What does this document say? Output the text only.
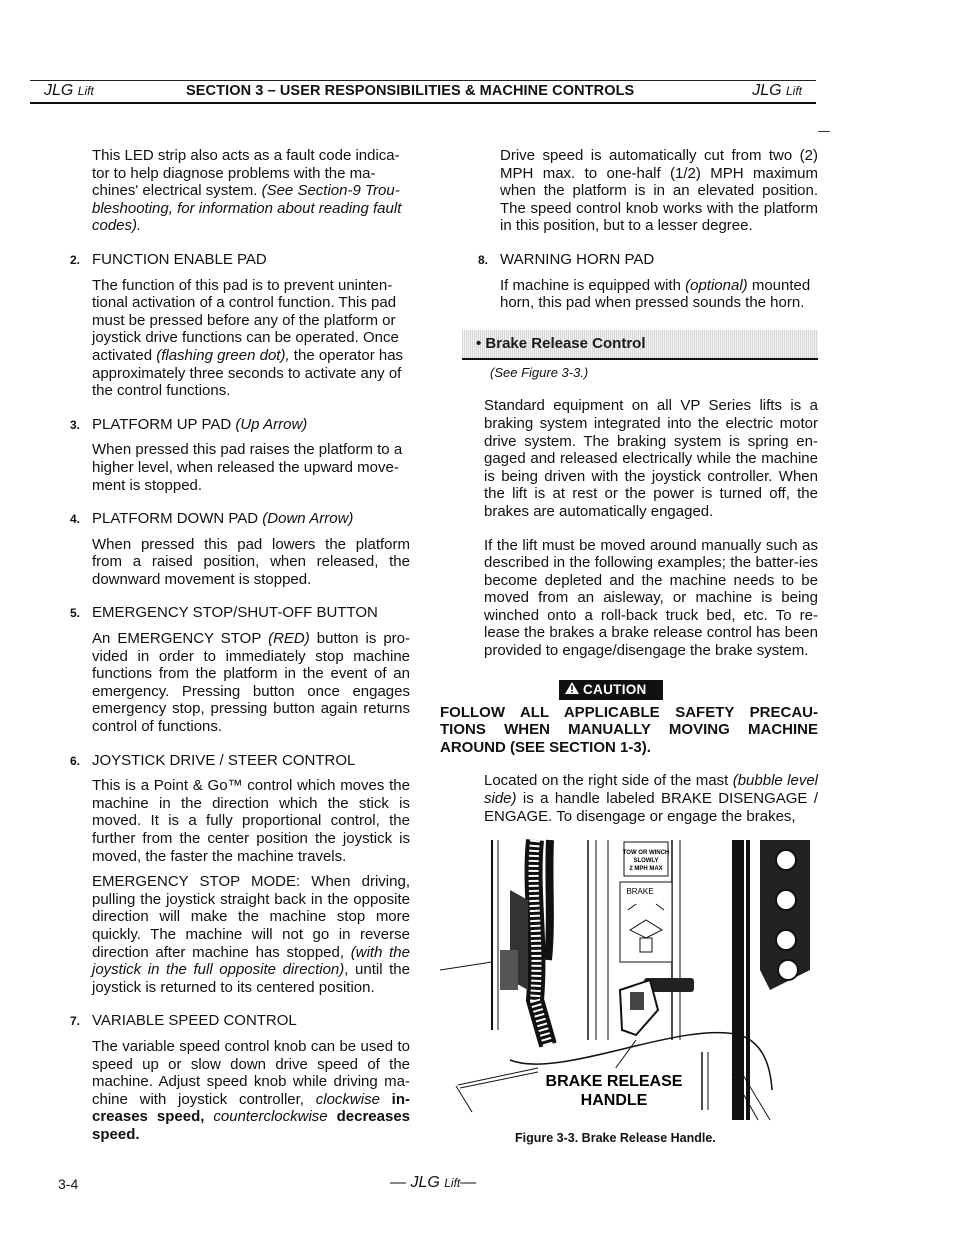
JLG Lift	SECTION 3 – USER RESPONSIBILITIES & MACHINE CONTROLS	JLG Lift

This LED strip also acts as a fault code indica-tor to help diagnose problems with the ma-chines' electrical system. (See Section-9 Trou-bleshooting, for information about reading fault codes).

2. FUNCTION ENABLE PAD

The function of this pad is to prevent uninten-tional activation of a control function. This pad must be pressed before any of the platform or joystick drive functions can be operated. Once activated (flashing green dot), the operator has approximately three seconds to activate any of the control functions.

3. PLATFORM UP PAD (Up Arrow)

When pressed this pad raises the platform to a higher level, when released the upward move-ment is stopped.

4. PLATFORM DOWN PAD (Down Arrow)

When pressed this pad lowers the platform from a raised position, when released, the downward movement is stopped.

5. EMERGENCY STOP/SHUT-OFF BUTTON

An EMERGENCY STOP (RED) button is pro-vided in order to immediately stop machine functions from the platform in the event of an emergency. Pressing button once engages emergency stop, pressing button again returns control of functions.

6. JOYSTICK DRIVE / STEER CONTROL

This is a Point & Go™ control which moves the machine in the direction which the stick is moved. It is a fully proportional control, the further from the center position the joystick is moved, the faster the machine travels.

EMERGENCY STOP MODE: When driving, pulling the joystick straight back in the opposite direction will make the machine stop more quickly. The machine will not go in reverse direction after machine has stopped, (with the joystick in the full opposite direction), until the joystick is returned to its centered position.

7. VARIABLE SPEED CONTROL

The variable speed control knob can be used to speed up or slow down drive speed of the machine. Adjust speed knob while driving ma-chine with joystick controller, clockwise in-creases speed, counterclockwise decreases speed.

Drive speed is automatically cut from two (2) MPH max. to one-half (1/2) MPH maximum when the platform is in an elevated position. The speed control knob works with the platform in this position, but to a lesser degree.

8. WARNING HORN PAD

If machine is equipped with (optional) mounted horn, this pad when pressed sounds the horn.

• Brake Release Control

(See Figure 3-3.)

Standard equipment on all VP Series lifts is a braking system integrated into the electric motor drive system. The braking system is spring en-gaged and released electrically while the machine is being driven with the joystick controller. When the lift is at rest or the power is turned off, the brakes are automatically engaged.

If the lift must be moved around manually such as described in the following examples; the batter-ies become depleted and the machine needs to be moved from an aisleway, or machine is being winched onto a roll-back truck bed, etc. To re-lease the brakes a brake release control has been provided to engage/disengage the brake system.

CAUTION

FOLLOW ALL APPLICABLE SAFETY PRECAU-TIONS WHEN MANUALLY MOVING MACHINE AROUND (SEE SECTION 1-3).

Located on the right side of the mast (bubble level side) is a handle labeled BRAKE DISENGAGE / ENGAGE. To disengage or engage the brakes,

TOW OR WINCH
SLOWLY
2 MPH MAX
BRAKE
BRAKE RELEASE
HANDLE
Figure 3-3. Brake Release Handle.
3-4	— JLG Lift—
